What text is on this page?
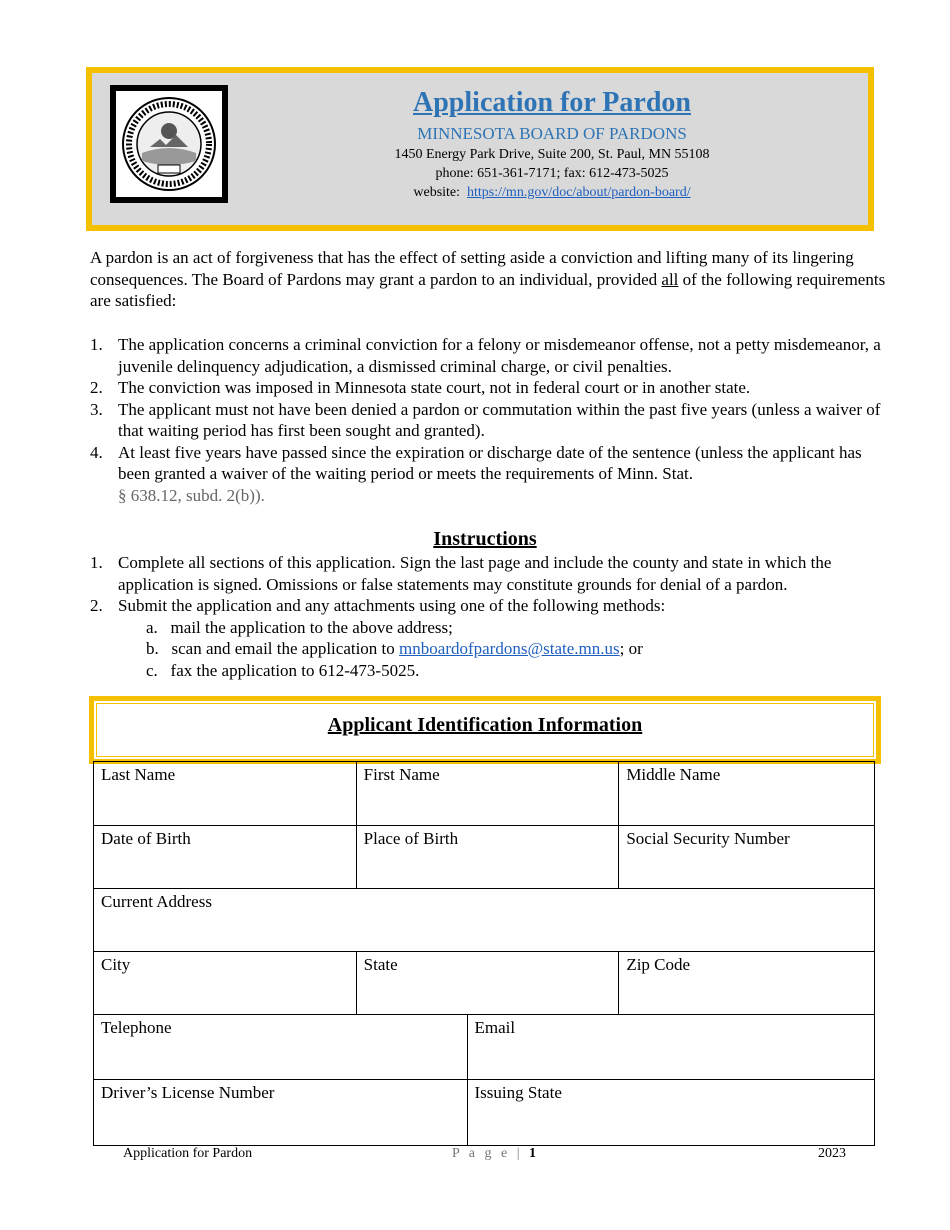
Application for Pardon
MINNESOTA BOARD OF PARDONS
1450 Energy Park Drive, Suite 200, St. Paul, MN 55108
phone: 651-361-7171; fax: 612-473-5025
website: https://mn.gov/doc/about/pardon-board/
A pardon is an act of forgiveness that has the effect of setting aside a conviction and lifting many of its lingering consequences. The Board of Pardons may grant a pardon to an individual, provided all of the following requirements are satisfied:
1. The application concerns a criminal conviction for a felony or misdemeanor offense, not a petty misdemeanor, a juvenile delinquency adjudication, a dismissed criminal charge, or civil penalties.
2. The conviction was imposed in Minnesota state court, not in federal court or in another state.
3. The applicant must not have been denied a pardon or commutation within the past five years (unless a waiver of that waiting period has first been sought and granted).
4. At least five years have passed since the expiration or discharge date of the sentence (unless the applicant has been granted a waiver of the waiting period or meets the requirements of Minn. Stat.
§ 638.12, subd. 2(b)).
Instructions
1. Complete all sections of this application. Sign the last page and include the county and state in which the application is signed. Omissions or false statements may constitute grounds for denial of a pardon.
2. Submit the application and any attachments using one of the following methods:
a.   mail the application to the above address;
b.   scan and email the application to mnboardofpardons@state.mn.us; or
c.   fax the application to 612-473-5025.
Applicant Identification Information
Last Name	First Name	Middle Name
Date of Birth	Place of Birth	Social Security Number
Current Address
City	State	Zip Code
Telephone	Email
Driver’s License Number	Issuing State
Application for Pardon	P a g e | 1	2023
